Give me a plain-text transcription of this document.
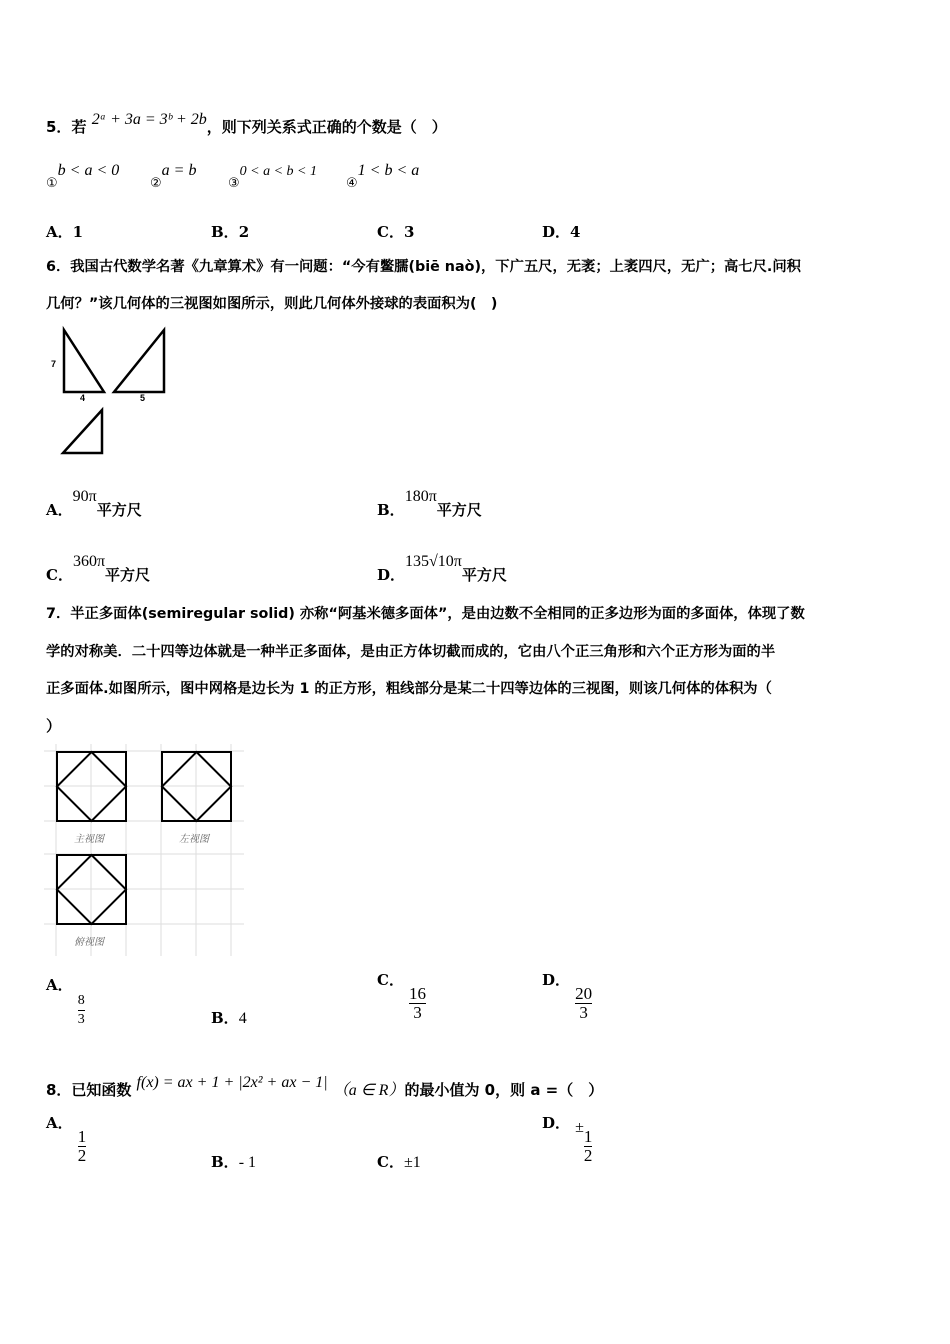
5．若 2ᵃ + 3a = 3ᵇ + 2b，则下列关系式正确的个数是（　）
$_①$b < a < 0
$_②$a = b
$_③$0 < a < b < 1
$_④$1 < b < a
A．1	B．2	C．3	D．4
6．我国古代数学名著《九章算术》有一问题：“今有鳖臑(biē naò)，下广五尺，无袤；上袤四尺，无广；高七尺.问积
几何？”该几何体的三视图如图所示，则此几何体外接球的表面积为(　)
7
4	5
A．90π平方尺	B．180π平方尺
C．360π平方尺	D．135√10π平方尺
7．半正多面体(semiregular solid) 亦称“阿基米德多面体”，是由边数不全相同的正多边形为面的多面体，体现了数
学的对称美．二十四等边体就是一种半正多面体，是由正方体切截而成的，它由八个正三角形和六个正方形为面的半
正多面体.如图所示，图中网格是边长为 1 的正方形，粗线部分是某二十四等边体的三视图，则该几何体的体积为（
）
主视图	左视图
俯视图
A．
$\frac{8}{3}$	B．4
C．
$\frac{16}{3}$
D．
$\frac{20}{3}$
8．已知函数 f(x) = ax + 1 + |2x² + ax − 1| （a ∈ R）的最小值为 0，则 a =（　）
A．
$\frac{1}{2}$	B．- 1	C．±1
D． ±
$\frac{1}{2}$
